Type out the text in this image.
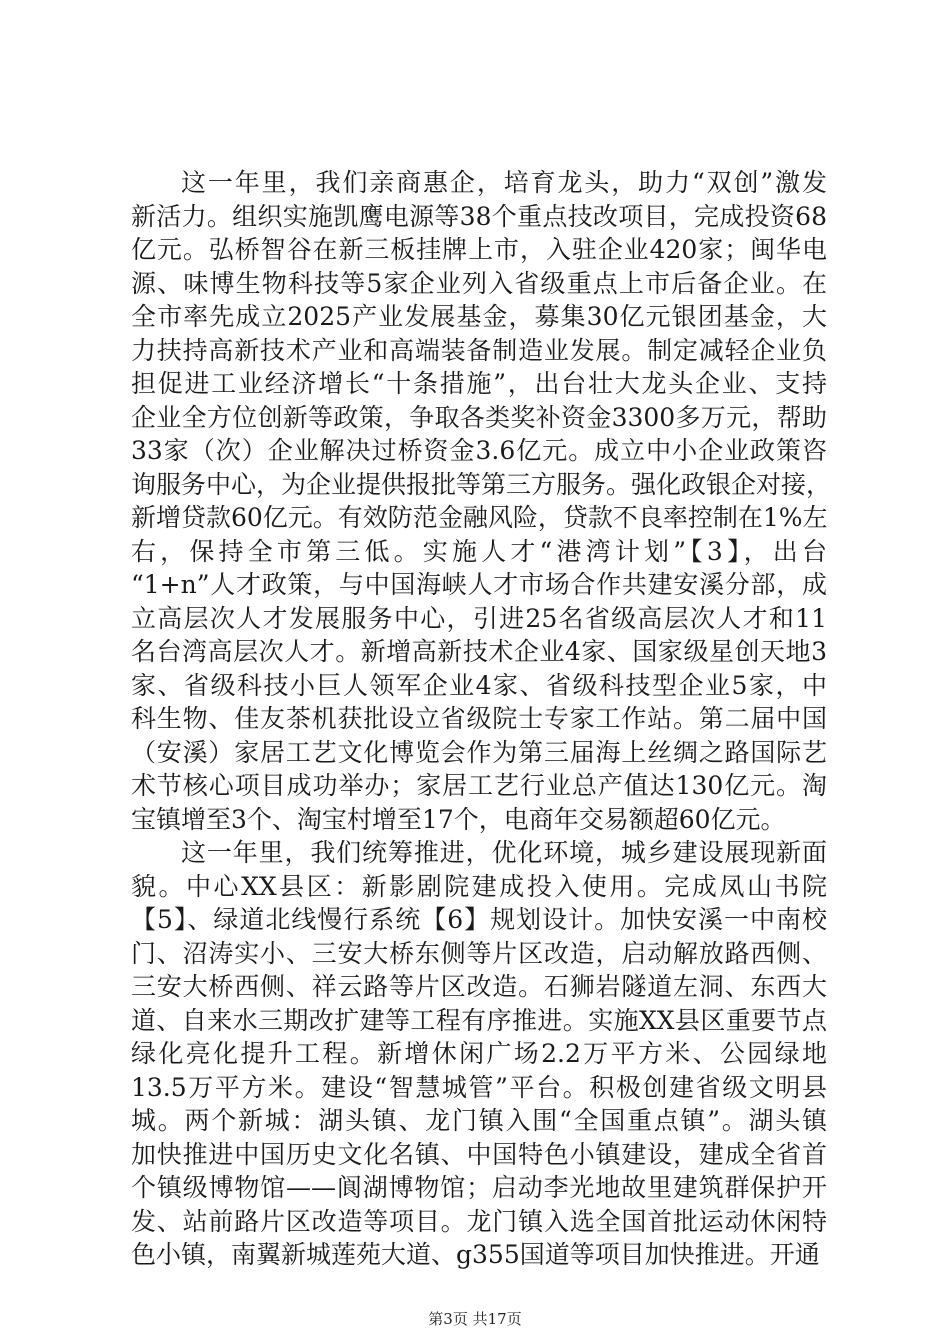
这一年里，我们亲商惠企，培育龙头，助力“双创”激发
新活力。组织实施凯鹰电源等38个重点技改项目，完成投资68
亿元。弘桥智谷在新三板挂牌上市，入驻企业420家；闽华电
源、味博生物科技等5家企业列入省级重点上市后备企业。在
全市率先成立2025产业发展基金，募集30亿元银团基金，大
力扶持高新技术产业和高端装备制造业发展。制定减轻企业负
担促进工业经济增长“十条措施”，出台壮大龙头企业、支持
企业全方位创新等政策，争取各类奖补资金3300多万元，帮助
33家（次）企业解决过桥资金3.6亿元。成立中小企业政策咨
询服务中心，为企业提供报批等第三方服务。强化政银企对接，
新增贷款60亿元。有效防范金融风险，贷款不良率控制在1%左
右，保持全市第三低。实施人才“港湾计划”【3】，出台
“1+n”人才政策，与中国海峡人才市场合作共建安溪分部，成
立高层次人才发展服务中心，引进25名省级高层次人才和11
名台湾高层次人才。新增高新技术企业4家、国家级星创天地3
家、省级科技小巨人领军企业4家、省级科技型企业5家，中
科生物、佳友茶机获批设立省级院士专家工作站。第二届中国
（安溪）家居工艺文化博览会作为第三届海上丝绸之路国际艺
术节核心项目成功举办；家居工艺行业总产值达130亿元。淘
宝镇增至3个、淘宝村增至17个，电商年交易额超60亿元。
这一年里，我们统筹推进，优化环境，城乡建设展现新面
貌。中心XX县区：新影剧院建成投入使用。完成凤山书院
【5】、绿道北线慢行系统【6】规划设计。加快安溪一中南校
门、沼涛实小、三安大桥东侧等片区改造，启动解放路西侧、
三安大桥西侧、祥云路等片区改造。石狮岩隧道左洞、东西大
道、自来水三期改扩建等工程有序推进。实施XX县区重要节点
绿化亮化提升工程。新增休闲广场2.2万平方米、公园绿地
13.5万平方米。建设“智慧城管”平台。积极创建省级文明县
城。两个新城：湖头镇、龙门镇入围“全国重点镇”。湖头镇
加快推进中国历史文化名镇、中国特色小镇建设，建成全省首
个镇级博物馆——阆湖博物馆；启动李光地故里建筑群保护开
发、站前路片区改造等项目。龙门镇入选全国首批运动休闲特
色小镇，南翼新城莲苑大道、g355国道等项目加快推进。开通
第3页 共17页
